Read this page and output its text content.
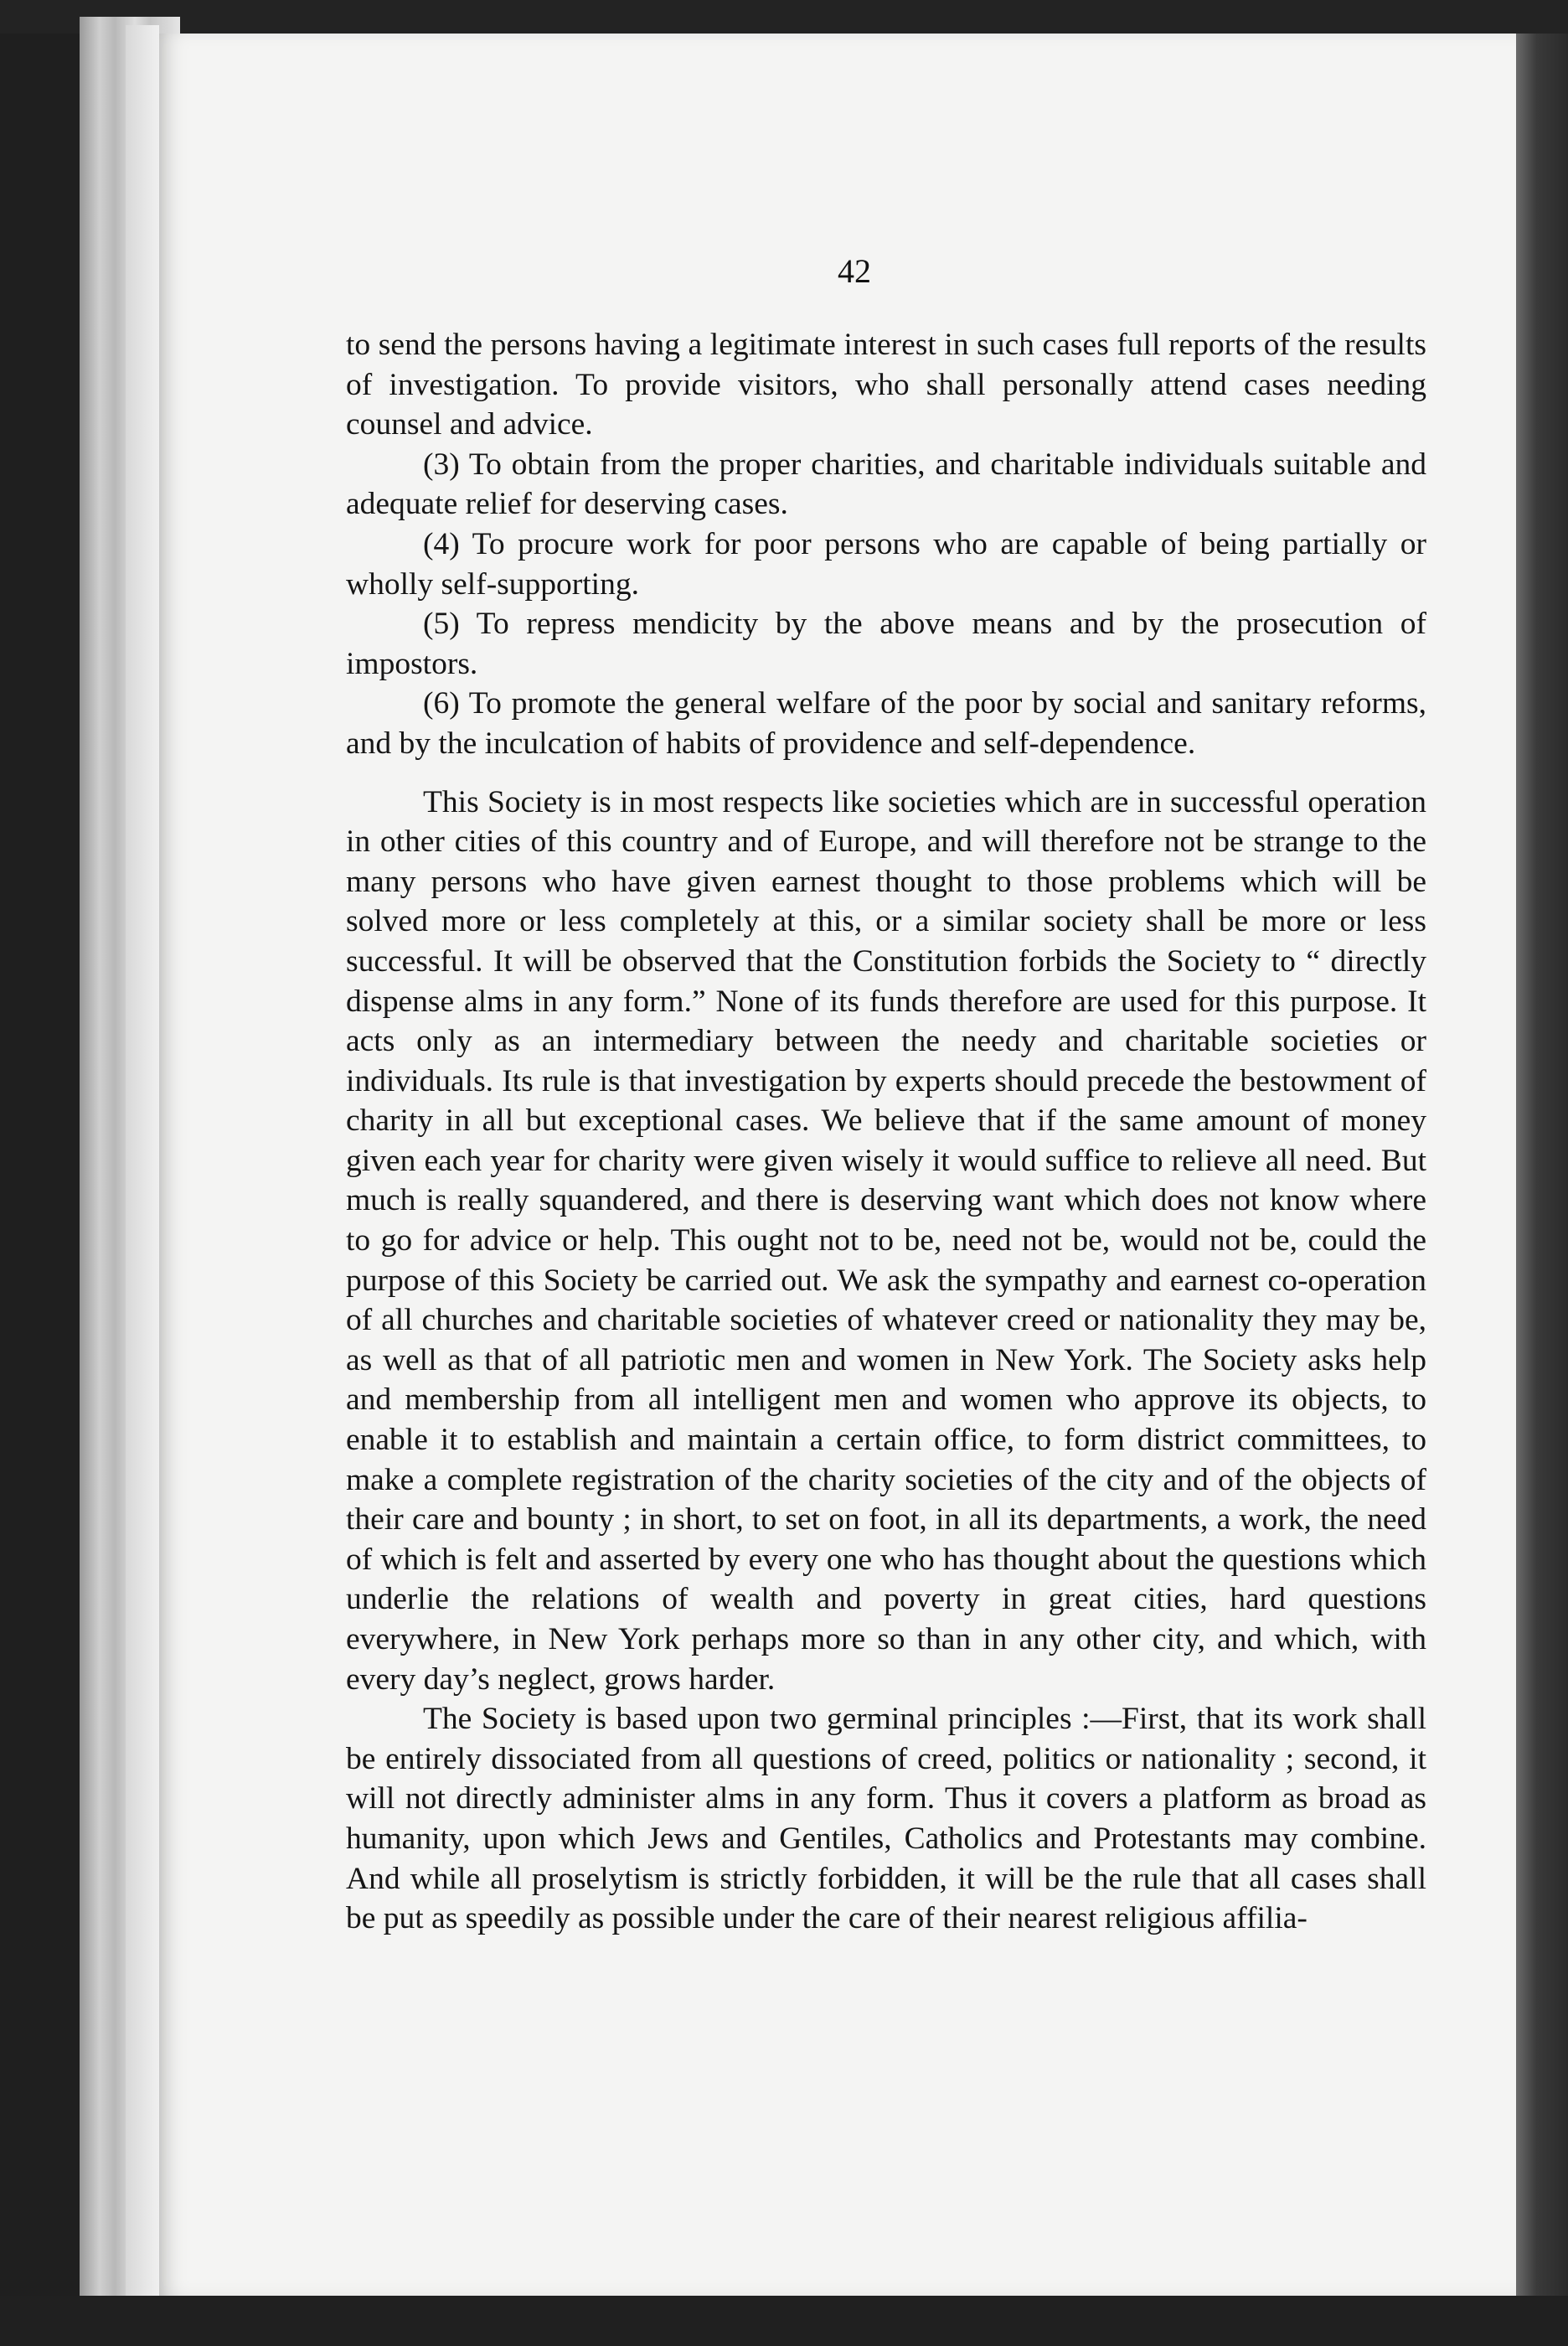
42

to send the persons having a legitimate interest in such cases full reports of the results of investigation. To provide visitors, who shall personally attend cases needing counsel and advice.

(3) To obtain from the proper charities, and charitable individuals suitable and adequate relief for deserving cases.

(4) To procure work for poor persons who are capable of being partially or wholly self-supporting.

(5) To repress mendicity by the above means and by the prosecution of impostors.

(6) To promote the general welfare of the poor by social and sanitary reforms, and by the inculcation of habits of providence and self-dependence.

This Society is in most respects like societies which are in successful operation in other cities of this country and of Europe, and will therefore not be strange to the many persons who have given earnest thought to those problems which will be solved more or less completely at this, or a similar society shall be more or less successful. It will be observed that the Constitution forbids the Society to “ directly dispense alms in any form.” None of its funds therefore are used for this purpose. It acts only as an intermediary between the needy and charitable societies or individuals. Its rule is that investigation by experts should precede the bestowment of charity in all but exceptional cases. We believe that if the same amount of money given each year for charity were given wisely it would suffice to relieve all need. But much is really squandered, and there is deserving want which does not know where to go for advice or help. This ought not to be, need not be, would not be, could the purpose of this Society be carried out. We ask the sympathy and earnest co-operation of all churches and charitable societies of whatever creed or nationality they may be, as well as that of all patriotic men and women in New York. The Society asks help and membership from all intelligent men and women who approve its objects, to enable it to establish and maintain a certain office, to form district committees, to make a complete registration of the charity societies of the city and of the objects of their care and bounty ; in short, to set on foot, in all its departments, a work, the need of which is felt and asserted by every one who has thought about the questions which underlie the relations of wealth and poverty in great cities, hard questions everywhere, in New York perhaps more so than in any other city, and which, with every day’s neglect, grows harder.

The Society is based upon two germinal principles :—First, that its work shall be entirely dissociated from all questions of creed, politics or nationality ; second, it will not directly administer alms in any form. Thus it covers a platform as broad as humanity, upon which Jews and Gentiles, Catholics and Protestants may combine. And while all proselytism is strictly forbidden, it will be the rule that all cases shall be put as speedily as possible under the care of their nearest religious affilia-
